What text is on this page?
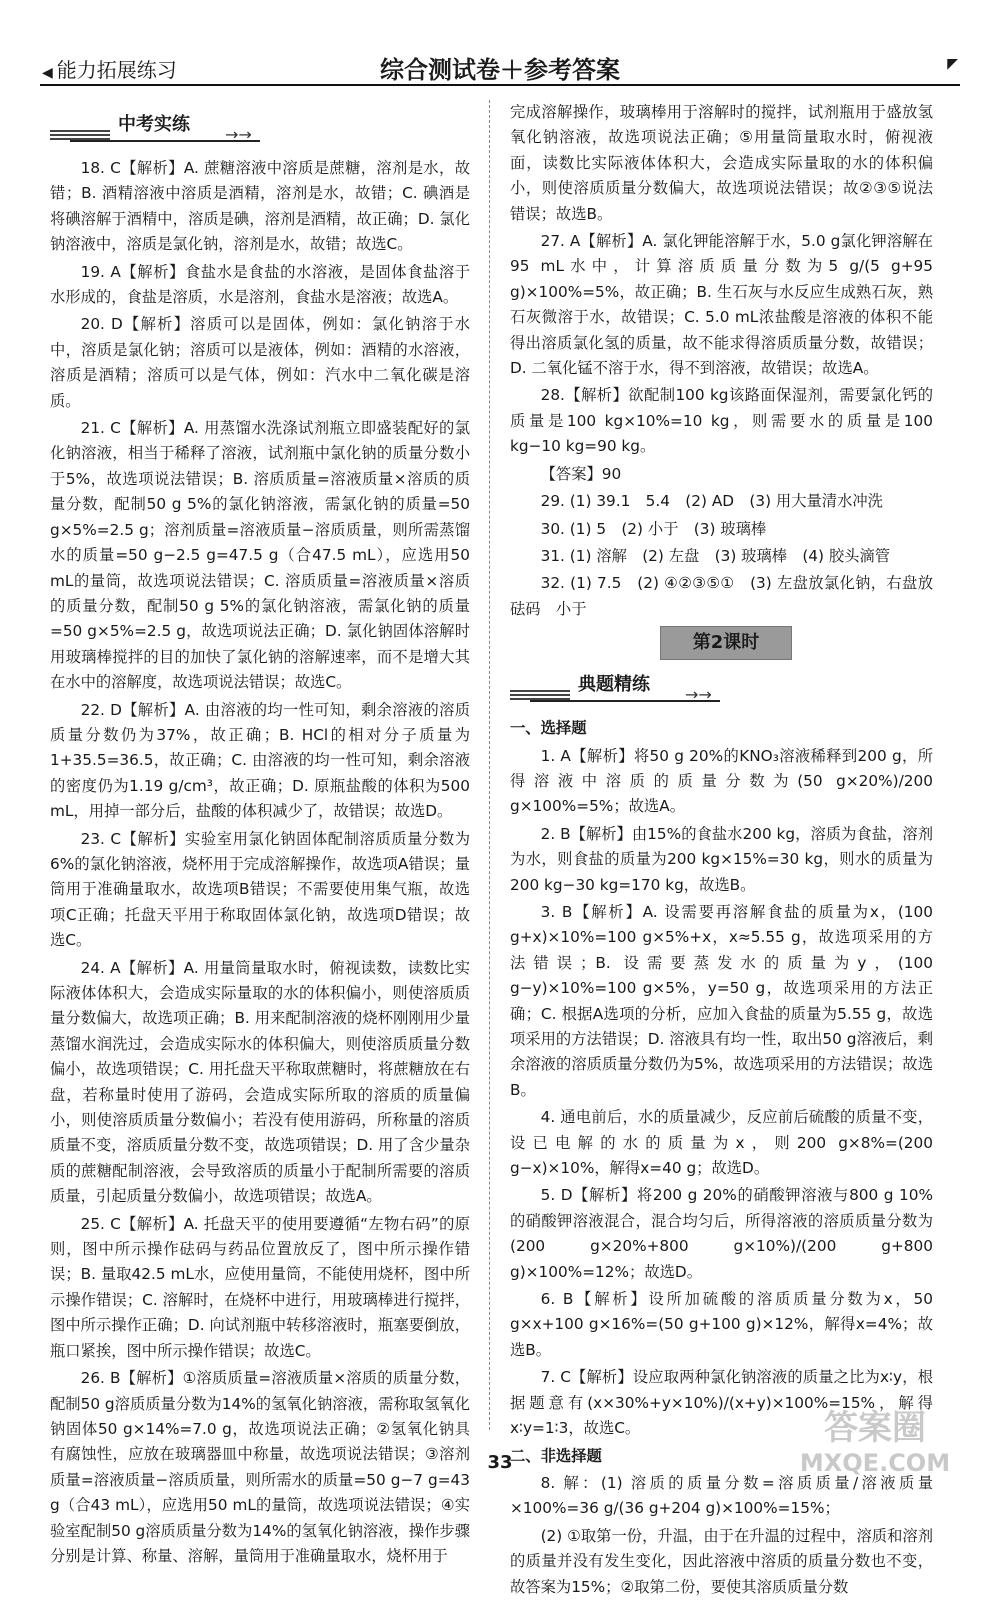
◀ 能力拓展练习	综合测试卷＋参考答案	◤
中考实练 →→

18. C【解析】A. 蔗糖溶液中溶质是蔗糖，溶剂是水，故错；B. 酒精溶液中溶质是酒精，溶剂是水，故错；C. 碘酒是将碘溶解于酒精中，溶质是碘，溶剂是酒精，故正确；D. 氯化钠溶液中，溶质是氯化钠，溶剂是水，故错；故选C。

19. A【解析】食盐水是食盐的水溶液，是固体食盐溶于水形成的，食盐是溶质，水是溶剂，食盐水是溶液；故选A。

20. D【解析】溶质可以是固体，例如：氯化钠溶于水中，溶质是氯化钠；溶质可以是液体，例如：酒精的水溶液，溶质是酒精；溶质可以是气体，例如：汽水中二氧化碳是溶质。

21. C【解析】A. 用蒸馏水洗涤试剂瓶立即盛装配好的氯化钠溶液，相当于稀释了溶液，试剂瓶中氯化钠的质量分数小于5%，故选项说法错误；B. 溶质质量=溶液质量×溶质的质量分数，配制50 g 5%的氯化钠溶液，需氯化钠的质量=50 g×5%=2.5 g；溶剂质量=溶液质量−溶质质量，则所需蒸馏水的质量=50 g−2.5 g=47.5 g（合47.5 mL），应选用50 mL的量筒，故选项说法错误；C. 溶质质量=溶液质量×溶质的质量分数，配制50 g 5%的氯化钠溶液，需氯化钠的质量=50 g×5%=2.5 g，故选项说法正确；D. 氯化钠固体溶解时用玻璃棒搅拌的目的加快了氯化钠的溶解速率，而不是增大其在水中的溶解度，故选项说法错误；故选C。

22. D【解析】A. 由溶液的均一性可知，剩余溶液的溶质质量分数仍为37%，故正确；B. HCl的相对分子质量为1+35.5=36.5，故正确；C. 由溶液的均一性可知，剩余溶液的密度仍为1.19 g/cm³，故正确；D. 原瓶盐酸的体积为500 mL，用掉一部分后，盐酸的体积减少了，故错误；故选D。

23. C【解析】实验室用氯化钠固体配制溶质质量分数为6%的氯化钠溶液，烧杯用于完成溶解操作，故选项A错误；量筒用于准确量取水，故选项B错误；不需要使用集气瓶，故选项C正确；托盘天平用于称取固体氯化钠，故选项D错误；故选C。

24. A【解析】A. 用量筒量取水时，俯视读数，读数比实际液体体积大，会造成实际量取的水的体积偏小，则使溶质质量分数偏大，故选项正确；B. 用来配制溶液的烧杯刚刚用少量蒸馏水润洗过，会造成实际水的体积偏大，则使溶质质量分数偏小，故选项错误；C. 用托盘天平称取蔗糖时，将蔗糖放在右盘，若称量时使用了游码，会造成实际所取的溶质的质量偏小，则使溶质质量分数偏小；若没有使用游码，所称量的溶质质量不变，溶质质量分数不变，故选项错误；D. 用了含少量杂质的蔗糖配制溶液，会导致溶质的质量小于配制所需要的溶质质量，引起质量分数偏小，故选项错误；故选A。

25. C【解析】A. 托盘天平的使用要遵循“左物右码”的原则，图中所示操作砝码与药品位置放反了，图中所示操作错误；B. 量取42.5 mL水，应使用量筒，不能使用烧杯，图中所示操作错误；C. 溶解时，在烧杯中进行，用玻璃棒进行搅拌，图中所示操作正确；D. 向试剂瓶中转移溶液时，瓶塞要倒放，瓶口紧挨，图中所示操作错误；故选C。

26. B【解析】①溶质质量=溶液质量×溶质的质量分数，配制50 g溶质质量分数为14%的氢氧化钠溶液，需称取氢氧化钠固体50 g×14%=7.0 g，故选项说法正确；②氢氧化钠具有腐蚀性，应放在玻璃器皿中称量，故选项说法错误；③溶剂质量=溶液质量−溶质质量，则所需水的质量=50 g−7 g=43 g（合43 mL），应选用50 mL的量筒，故选项说法错误；④实验室配制50 g溶质质量分数为14%的氢氧化钠溶液，操作步骤分别是计算、称量、溶解，量筒用于准确量取水，烧杯用于

完成溶解操作，玻璃棒用于溶解时的搅拌，试剂瓶用于盛放氢氧化钠溶液，故选项说法正确；⑤用量筒量取水时，俯视液面，读数比实际液体体积大，会造成实际量取的水的体积偏小，则使溶质质量分数偏大，故选项说法错误；故②③⑤说法错误；故选B。

27. A【解析】A. 氯化钾能溶解于水，5.0 g氯化钾溶解在95 mL水中，计算溶质质量分数为5 g/(5 g+95 g)×100%=5%，故正确；B. 生石灰与水反应生成熟石灰，熟石灰微溶于水，故错误；C. 5.0 mL浓盐酸是溶液的体积不能得出溶质氯化氢的质量，故不能求得溶质质量分数，故错误；D. 二氧化锰不溶于水，得不到溶液，故错误；故选A。

28.【解析】欲配制100 kg该路面保湿剂，需要氯化钙的质量是100 kg×10%=10 kg，则需要水的质量是100 kg−10 kg=90 kg。

【答案】90

29. (1) 39.1　5.4　(2) AD　(3) 用大量清水冲洗

30. (1) 5　(2) 小于　(3) 玻璃棒

31. (1) 溶解　(2) 左盘　(3) 玻璃棒　(4) 胶头滴管

32. (1) 7.5　(2) ④②③⑤①　(3) 左盘放氯化钠，右盘放砝码　小于

第2课时
典题精练 →→
一、选择题

1. A【解析】将50 g 20%的KNO₃溶液稀释到200 g，所得溶液中溶质的质量分数为(50 g×20%)/200 g×100%=5%；故选A。

2. B【解析】由15%的食盐水200 kg，溶质为食盐，溶剂为水，则食盐的质量为200 kg×15%=30 kg，则水的质量为200 kg−30 kg=170 kg，故选B。

3. B【解析】A. 设需要再溶解食盐的质量为x，(100 g+x)×10%=100 g×5%+x，x≈5.55 g，故选项采用的方法错误；B. 设需要蒸发水的质量为y，(100 g−y)×10%=100 g×5%，y=50 g，故选项采用的方法正确；C. 根据A选项的分析，应加入食盐的质量为5.55 g，故选项采用的方法错误；D. 溶液具有均一性，取出50 g溶液后，剩余溶液的溶质质量分数仍为5%，故选项采用的方法错误；故选B。

4. 通电前后，水的质量减少，反应前后硫酸的质量不变，设已电解的水的质量为x，则200 g×8%=(200 g−x)×10%，解得x=40 g；故选D。

5. D【解析】将200 g 20%的硝酸钾溶液与800 g 10%的硝酸钾溶液混合，混合均匀后，所得溶液的溶质质量分数为(200 g×20%+800 g×10%)/(200 g+800 g)×100%=12%；故选D。

6. B【解析】设所加硫酸的溶质质量分数为x，50 g×x+100 g×16%=(50 g+100 g)×12%，解得x=4%；故选B。

7. C【解析】设应取两种氯化钠溶液的质量之比为x∶y，根据题意有(x×30%+y×10%)/(x+y)×100%=15%，解得x∶y=1∶3，故选C。

二、非选择题

8. 解：(1) 溶质的质量分数=溶质质量/溶液质量×100%=36 g/(36 g+204 g)×100%=15%；

(2) ①取第一份，升温，由于在升温的过程中，溶质和溶剂的质量并没有发生变化，因此溶液中溶质的质量分数也不变，故答案为15%；②取第二份，要使其溶质质量分数

33
答案圈
MXQE.COM
